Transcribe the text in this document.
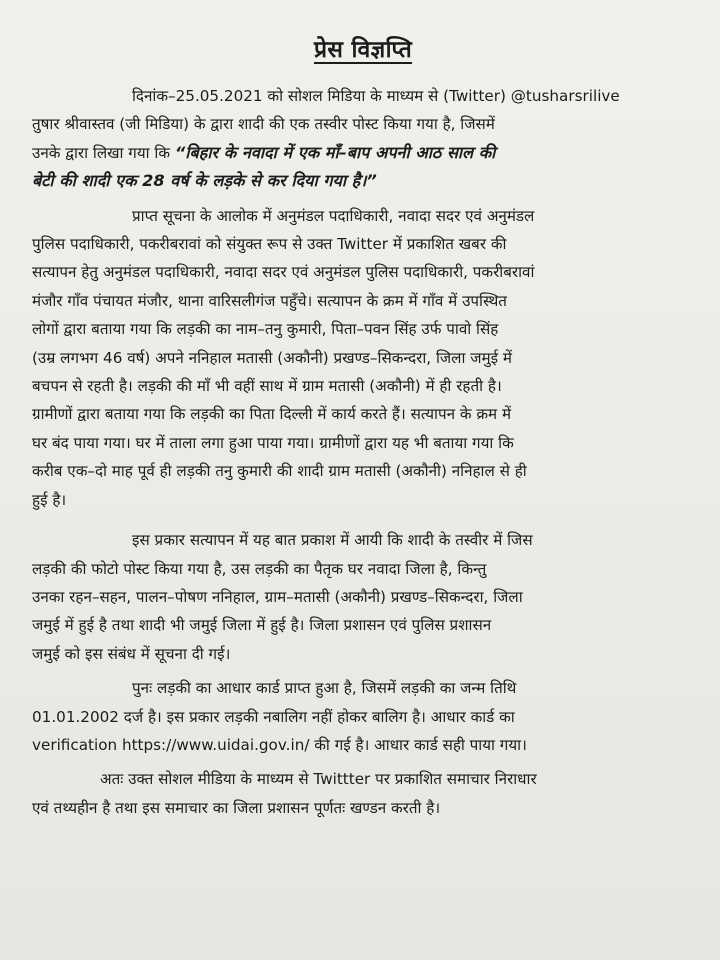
प्रेस विज्ञप्ति
दिनांक–25.05.2021 को सोशल मिडिया के माध्यम से (Twitter) @tusharsrilive
तुषार श्रीवास्तव (जी मिडिया) के द्वारा शादी की एक तस्वीर पोस्ट किया गया है, जिसमें
उनके द्वारा लिखा गया कि “बिहार के नवादा में एक माँ–बाप अपनी आठ साल की
बेटी की शादी एक 28 वर्ष के लड़के से कर दिया गया है।”
प्राप्त सूचना के आलोक में अनुमंडल पदाधिकारी, नवादा सदर एवं अनुमंडल
पुलिस पदाधिकारी, पकरीबरावां को संयुक्त रूप से उक्त Twitter में प्रकाशित खबर की
सत्यापन हेतु अनुमंडल पदाधिकारी, नवादा सदर एवं अनुमंडल पुलिस पदाधिकारी, पकरीबरावां
मंजौर गाँव पंचायत मंजौर, थाना वारिसलीगंज पहुँचे। सत्यापन के क्रम में गाँव में उपस्थित
लोगों द्वारा बताया गया कि लड़की का नाम–तनु कुमारी, पिता–पवन सिंह उर्फ पावो सिंह
(उम्र लगभग 46 वर्ष) अपने ननिहाल मतासी (अकौनी) प्रखण्ड–सिकन्दरा, जिला जमुई में
बचपन से रहती है। लड़की की माँ भी वहीं साथ में ग्राम मतासी (अकौनी) में ही रहती है।
ग्रामीणों द्वारा बताया गया कि लड़की का पिता दिल्ली में कार्य करते हैं। सत्यापन के क्रम में
घर बंद पाया गया। घर में ताला लगा हुआ पाया गया। ग्रामीणों द्वारा यह भी बताया गया कि
करीब एक–दो माह पूर्व ही लड़की तनु कुमारी की शादी ग्राम मतासी (अकौनी) ननिहाल से ही
हुई है।
इस प्रकार सत्यापन में यह बात प्रकाश में आयी कि शादी के तस्वीर में जिस
लड़की की फोटो पोस्ट किया गया है, उस लड़की का पैतृक घर नवादा जिला है, किन्तु
उनका रहन–सहन, पालन–पोषण ननिहाल, ग्राम–मतासी (अकौनी) प्रखण्ड–सिकन्दरा, जिला
जमुई में हुई है तथा शादी भी जमुई जिला में हुई है। जिला प्रशासन एवं पुलिस प्रशासन
जमुई को इस संबंध में सूचना दी गई।
पुनः लड़की का आधार कार्ड प्राप्त हुआ है, जिसमें लड़की का जन्म तिथि
01.01.2002 दर्ज है। इस प्रकार लड़की नबालिग नहीं होकर बालिग है। आधार कार्ड का
verification https://www.uidai.gov.in/ की गई है। आधार कार्ड सही पाया गया।
अतः उक्त सोशल मीडिया के माध्यम से Twittter पर प्रकाशित समाचार निराधार
एवं तथ्यहीन है तथा इस समाचार का जिला प्रशासन पूर्णतः खण्डन करती है।
